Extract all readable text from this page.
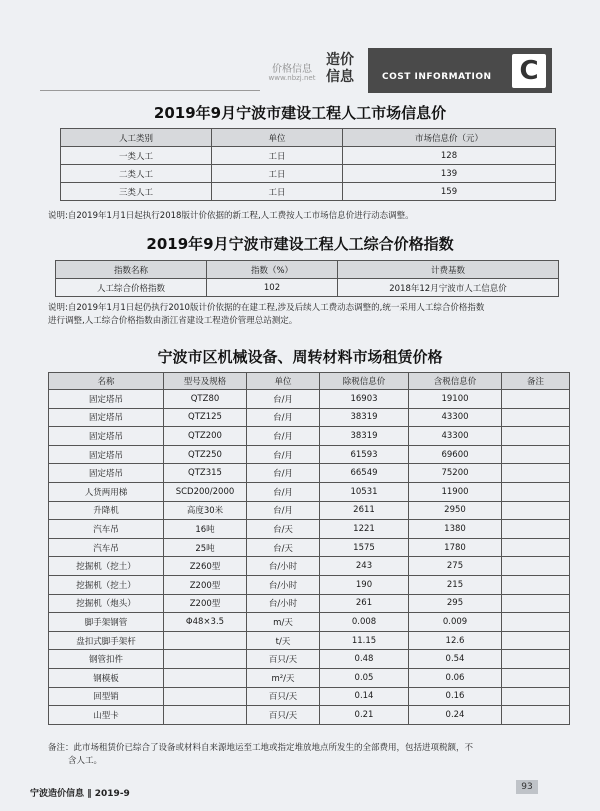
价格信息
www.nbzj.net
造价
信息	COST INFORMATION C
2019年9月宁波市建设工程人工市场信息价
人工类别	单位	市场信息价（元）
一类人工	工日	128
二类人工	工日	139
三类人工	工日	159
说明:自2019年1月1日起执行2018版计价依据的新工程,人工费按人工市场信息价进行动态调整。
2019年9月宁波市建设工程人工综合价格指数
指数名称	指数（%）	计费基数
人工综合价格指数	102	2018年12月宁波市人工信息价
说明:自2019年1月1日起仍执行2010版计价依据的在建工程,涉及后续人工费动态调整的,统一采用人工综合价格指数
进行调整,人工综合价格指数由浙江省建设工程造价管理总站测定。
宁波市区机械设备、周转材料市场租赁价格
名称	型号及规格	单位	除税信息价	含税信息价	备注
固定塔吊	QTZ80	台/月	16903	19100	
固定塔吊	QTZ125	台/月	38319	43300	
固定塔吊	QTZ200	台/月	38319	43300	
固定塔吊	QTZ250	台/月	61593	69600	
固定塔吊	QTZ315	台/月	66549	75200	
人货两用梯	SCD200/2000	台/月	10531	11900	
升降机	高度30米	台/月	2611	2950	
汽车吊	16吨	台/天	1221	1380	
汽车吊	25吨	台/天	1575	1780	
挖掘机（挖土）	Z260型	台/小时	243	275	
挖掘机（挖土）	Z200型	台/小时	190	215	
挖掘机（炮头）	Z200型	台/小时	261	295	
脚手架钢管	Φ48×3.5	m/天	0.008	0.009	
盘扣式脚手架杆		t/天	11.15	12.6	
钢管扣件		百只/天	0.48	0.54	
钢模板		m²/天	0.05	0.06	
回型销		百只/天	0.14	0.16	
山型卡		百只/天	0.21	0.24	
备注：此市场租赁价已综合了设备或材料自来源地运至工地或指定堆放地点所发生的全部费用，包括进项税额，不
含人工。
宁波造价信息 ‖ 2019-9
93
